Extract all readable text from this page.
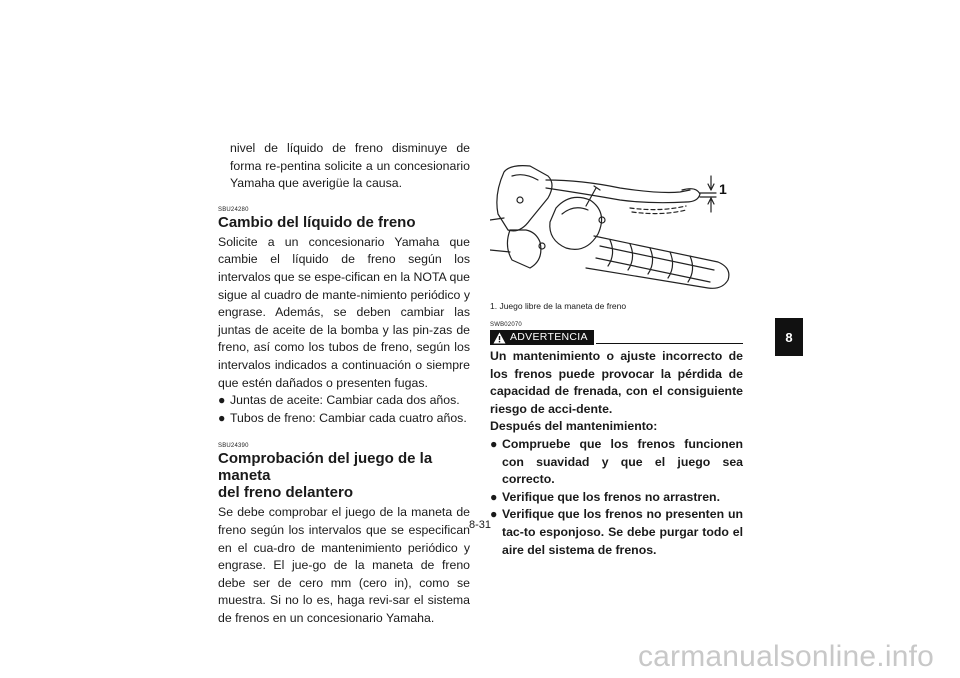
nivel de líquido de freno disminuye de forma re-pentina solicite a un concesionario Yamaha que averigüe la causa.
SBU24280
Cambio del líquido de freno
Solicite a un concesionario Yamaha que cambie el líquido de freno según los intervalos que se espe-cifican en la NOTA que sigue al cuadro de mante-nimiento periódico y engrase. Además, se deben cambiar las juntas de aceite de la bomba y las pin-zas de freno, así como los tubos de freno, según los intervalos indicados a continuación o siempre que estén dañados o presenten fugas.
● Juntas de aceite: Cambiar cada dos años.
● Tubos de freno: Cambiar cada cuatro años.
SBU24390
Comprobación del juego de la maneta
del freno delantero
Se debe comprobar el juego de la maneta de freno según los intervalos que se especifican en el cua-dro de mantenimiento periódico y engrase. El jue-go de la maneta de freno debe ser de cero mm (cero in), como se muestra. Si no lo es, haga revi-sar el sistema de frenos en un concesionario Yamaha.
1
1. Juego libre de la maneta de freno
SWB02070
ADVERTENCIA
Un mantenimiento o ajuste incorrecto de los frenos puede provocar la pérdida de capacidad de frenada, con el consiguiente riesgo de acci-dente.
Después del mantenimiento:
● Compruebe que los frenos funcionen con suavidad y que el juego sea correcto.
● Verifique que los frenos no arrastren.
● Verifique que los frenos no presenten un tac-to esponjoso. Se debe purgar todo el aire del sistema de frenos.
8
8-31
carmanualsonline.info
